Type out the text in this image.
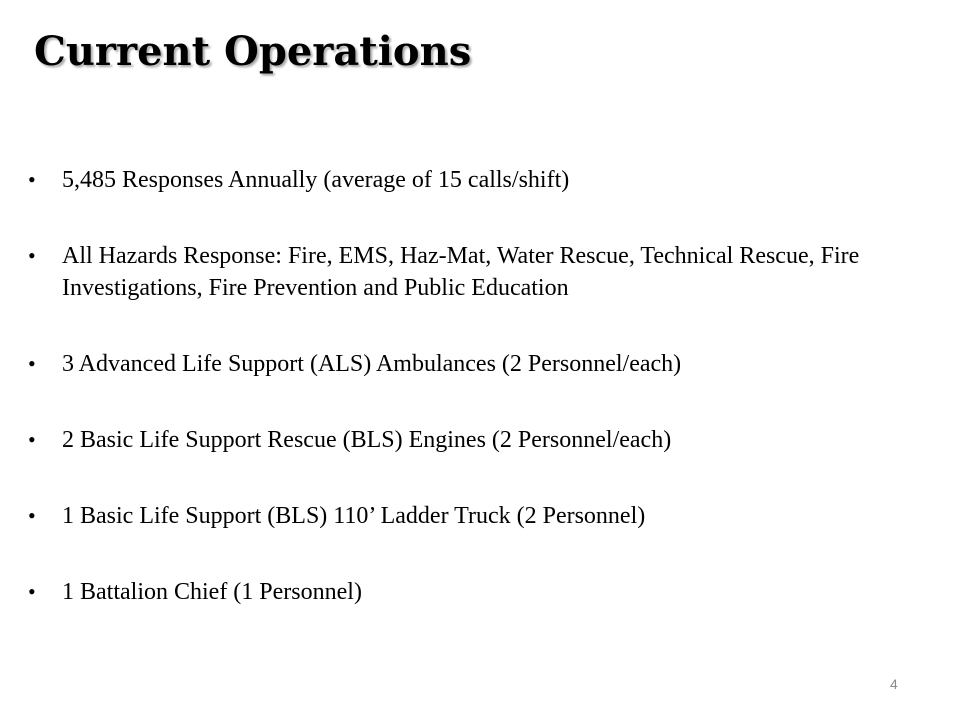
Current Operations
•	5,485 Responses Annually (average of 15 calls/shift)
•	All Hazards Response: Fire, EMS, Haz-Mat, Water Rescue, Technical Rescue, Fire Investigations, Fire Prevention and Public Education
•	3 Advanced Life Support (ALS) Ambulances (2 Personnel/each)
•	2 Basic Life Support Rescue (BLS) Engines (2 Personnel/each)
•	1 Basic Life Support (BLS) 110’ Ladder Truck (2 Personnel)
•	1 Battalion Chief (1 Personnel)
4
